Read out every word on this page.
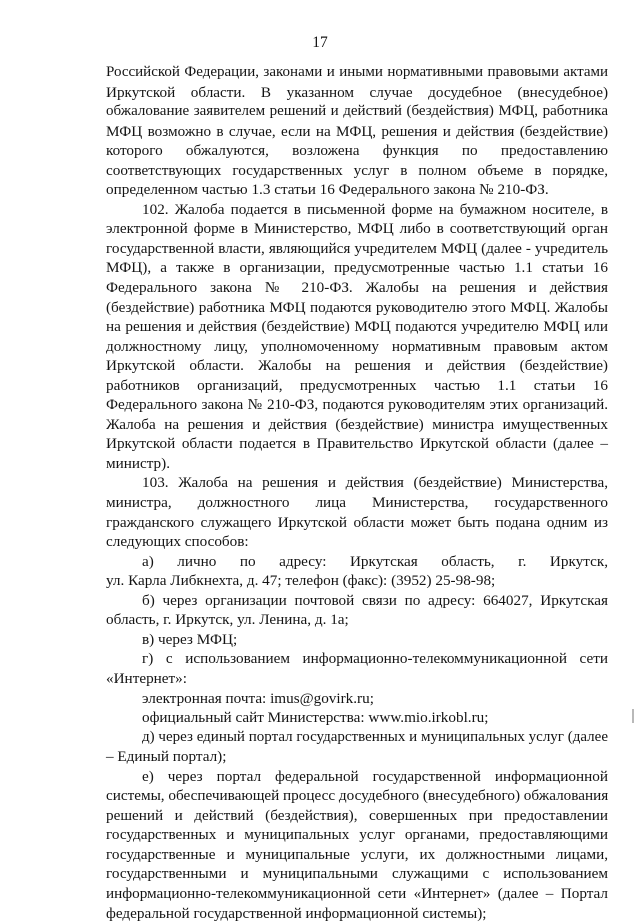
17
Российской Федерации, законами и иными нормативными правовыми актами
Иркутской области. В указанном случае досудебное (внесудебное)
обжалование заявителем решений и действий (бездействия) МФЦ, работника
МФЦ возможно в случае, если на МФЦ, решения и действия (бездействие)
которого обжалуются, возложена функция по предоставлению
соответствующих государственных услуг в полном объеме в порядке,
определенном частью 1.3 статьи 16 Федерального закона № 210-ФЗ.
102. Жалоба подается в письменной форме на бумажном носителе, в
электронной форме в Министерство, МФЦ либо в соответствующий орган
государственной власти, являющийся учредителем МФЦ (далее - учредитель
МФЦ), а также в организации, предусмотренные частью 1.1 статьи 16
Федерального закона № 210-ФЗ. Жалобы на решения и действия
(бездействие) работника МФЦ подаются руководителю этого МФЦ. Жалобы
на решения и действия (бездействие) МФЦ подаются учредителю МФЦ или
должностному лицу, уполномоченному нормативным правовым актом
Иркутской области. Жалобы на решения и действия (бездействие)
работников организаций, предусмотренных частью 1.1 статьи 16
Федерального закона № 210-ФЗ, подаются руководителям этих организаций.
Жалоба на решения и действия (бездействие) министра имущественных
Иркутской области подается в Правительство Иркутской области (далее –
министр).
103. Жалоба на решения и действия (бездействие) Министерства,
министра, должностного лица Министерства, государственного
гражданского служащего Иркутской области может быть подана одним из
следующих способов:
а) лично по адресу: Иркутская область, г. Иркутск,
ул. Карла Либкнехта, д. 47; телефон (факс): (3952) 25-98-98;
б) через организации почтовой связи по адресу: 664027, Иркутская
область, г. Иркутск, ул. Ленина, д. 1а;
в) через МФЦ;
г) с использованием информационно-телекоммуникационной сети
«Интернет»:
электронная почта: imus@govirk.ru;
официальный сайт Министерства: www.mio.irkobl.ru;
д) через единый портал государственных и муниципальных услуг (далее
– Единый портал);
е) через портал федеральной государственной информационной
системы, обеспечивающей процесс досудебного (внесудебного) обжалования
решений и действий (бездействия), совершенных при предоставлении
государственных и муниципальных услуг органами, предоставляющими
государственные и муниципальные услуги, их должностными лицами,
государственными и муниципальными служащими с использованием
информационно-телекоммуникационной сети «Интернет» (далее – Портал
федеральной государственной информационной системы);
